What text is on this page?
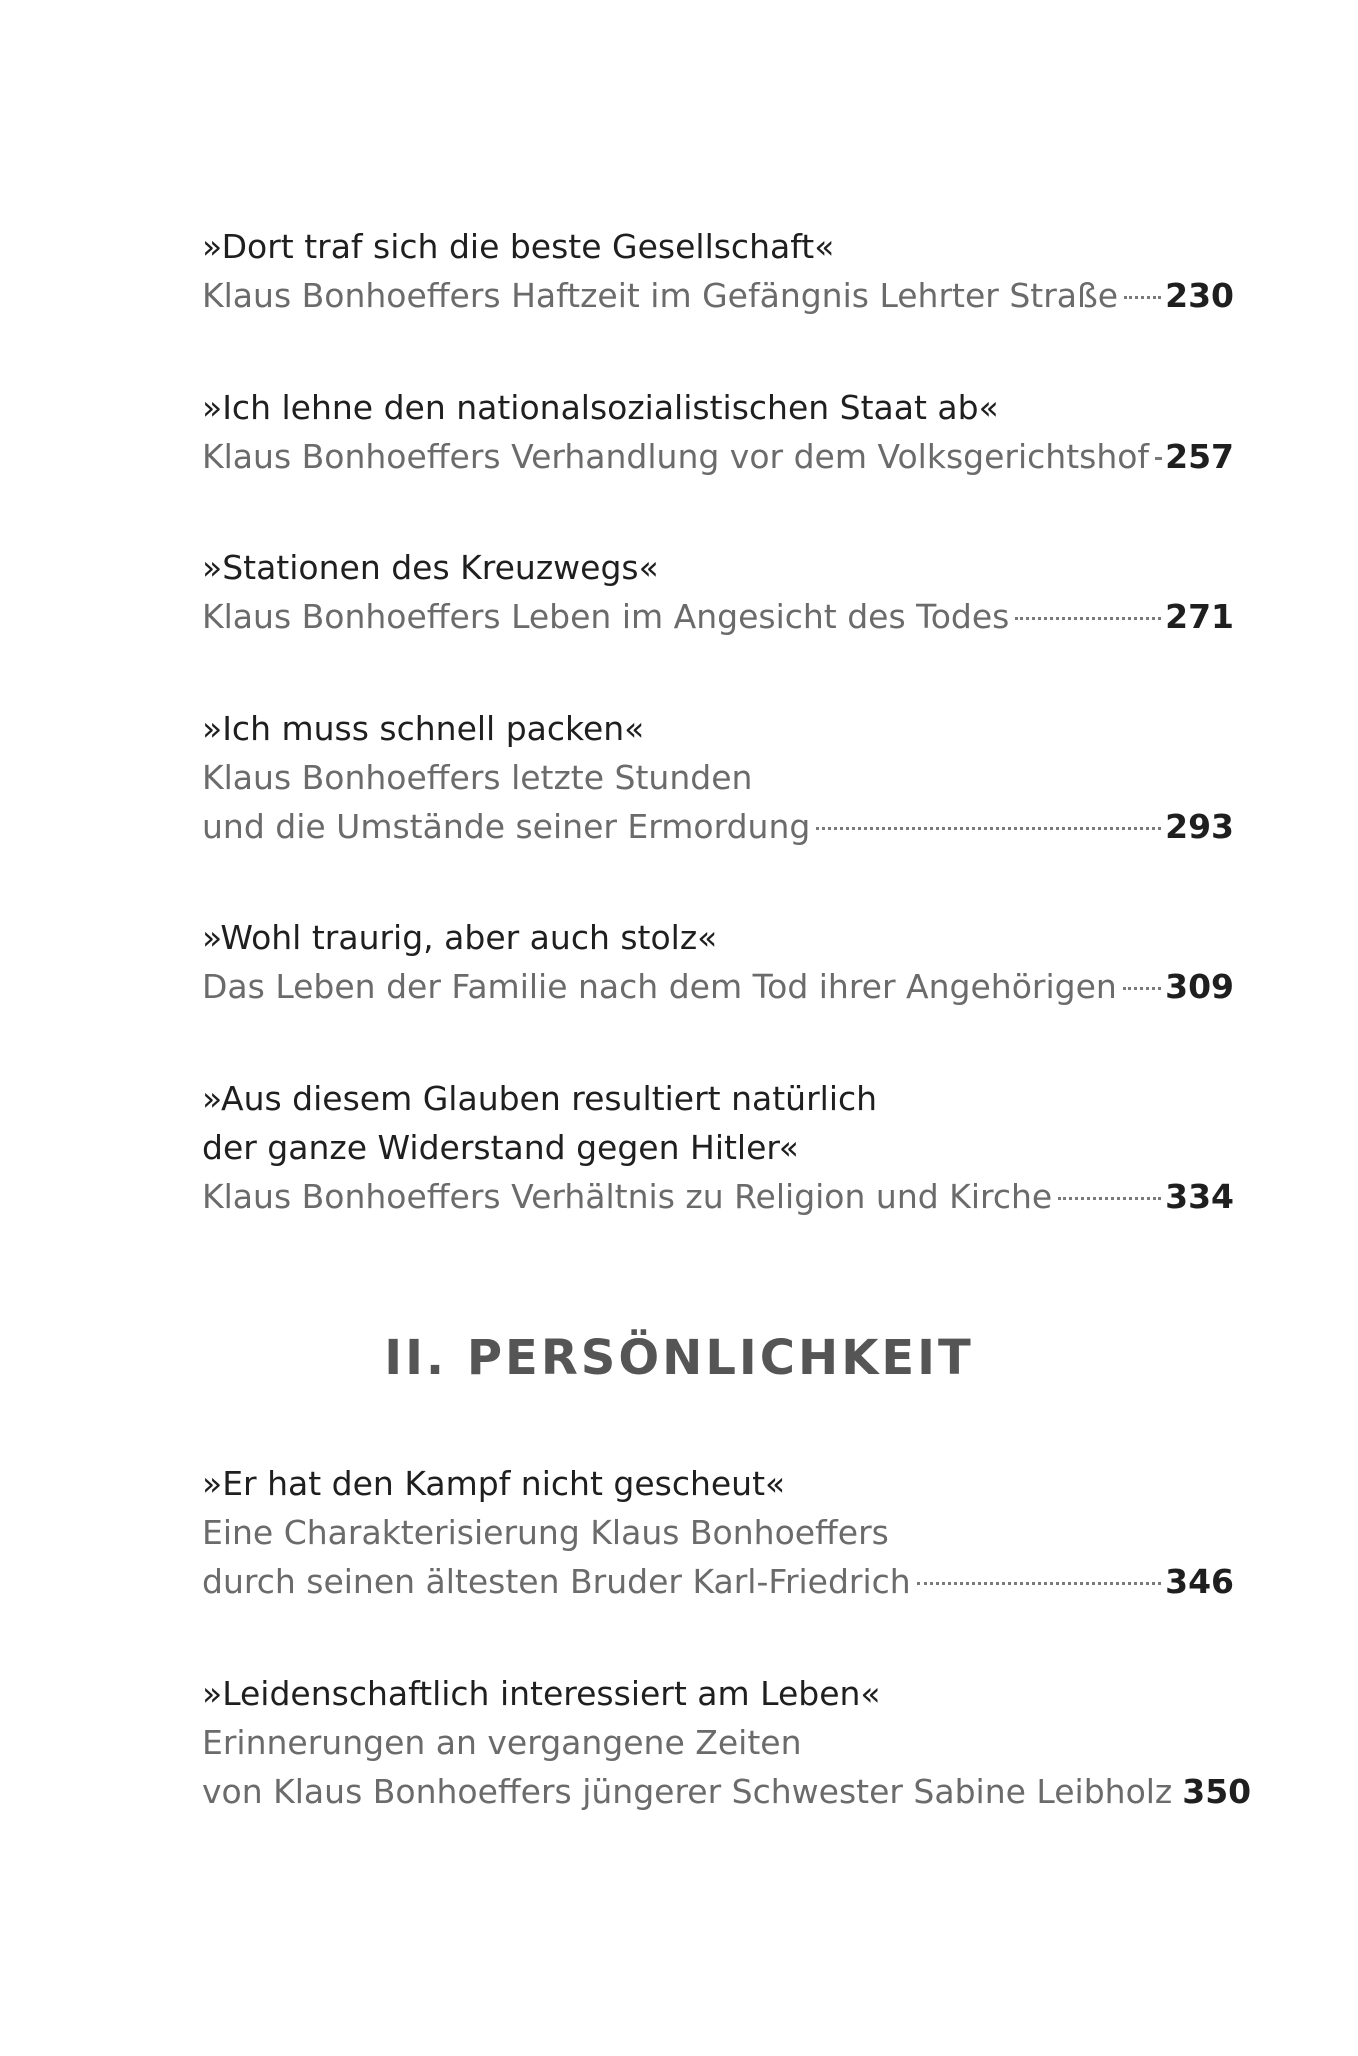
»Dort traf sich die beste Gesellschaft«
Klaus Bonhoeffers Haftzeit im Gefängnis Lehrter Straße 230
»Ich lehne den nationalsozialistischen Staat ab«
Klaus Bonhoeffers Verhandlung vor dem Volksgerichtshof 257
»Stationen des Kreuzwegs«
Klaus Bonhoeffers Leben im Angesicht des Todes	271
»Ich muss schnell packen«
Klaus Bonhoeffers letzte Stunden
und die Umstände seiner Ermordung	293
»Wohl traurig, aber auch stolz«
Das Leben der Familie nach dem Tod ihrer Angehörigen 309
»Aus diesem Glauben resultiert natürlich
der ganze Widerstand gegen Hitler«
Klaus Bonhoeffers Verhältnis zu Religion und Kirche	334
II. PERSÖNLICHKEIT
»Er hat den Kampf nicht gescheut«
Eine Charakterisierung Klaus Bonhoeffers
durch seinen ältesten Bruder Karl-Friedrich	346
»Leidenschaftlich interessiert am Leben«
Erinnerungen an vergangene Zeiten
von Klaus Bonhoeffers jüngerer Schwester Sabine Leibholz 350
